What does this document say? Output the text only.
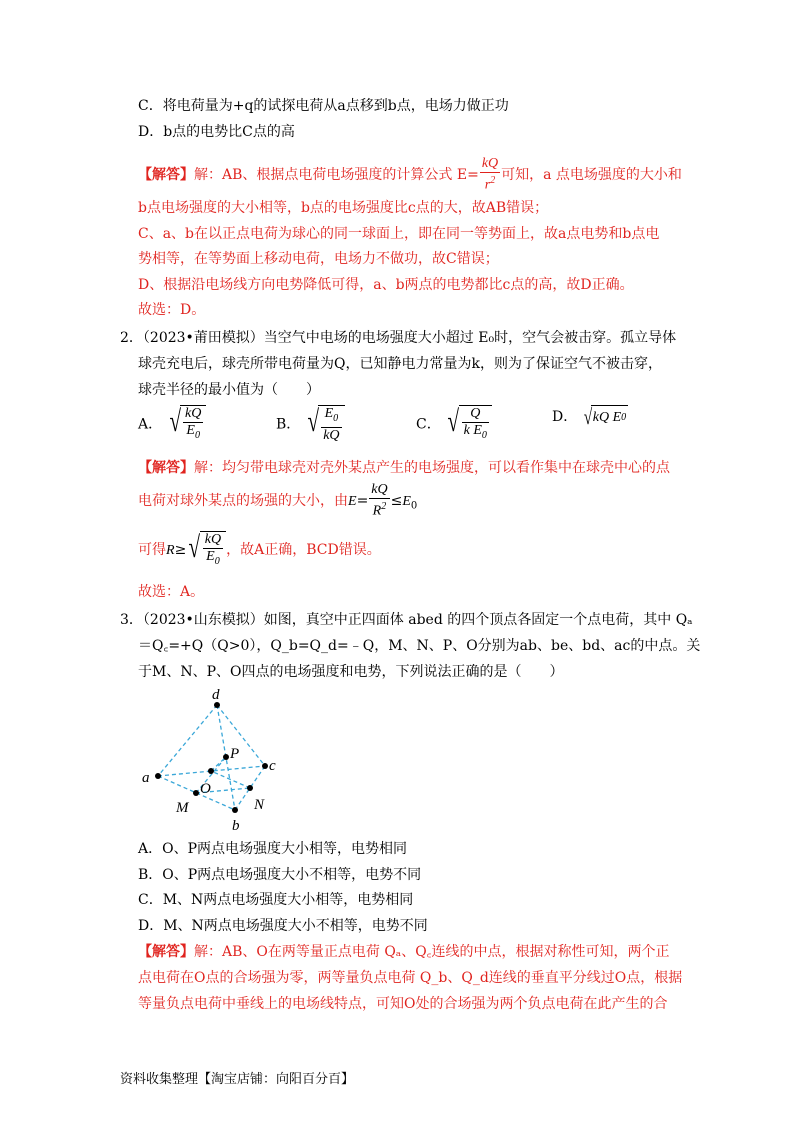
C．将电荷量为+q的试探电荷从a点移到b点，电场力做正功
D．b点的电势比C点的高
【解答】解：AB、根据点电荷电场强度的计算公式 $E= \frac{kQ}{r^2}$ 可知，a 点电场强度的大小和
b点电场强度的大小相等，b点的电场强度比c点的大，故AB错误；
C、a、b在以正点电荷为球心的同一球面上，即在同一等势面上，故a点电势和b点电
势相等，在等势面上移动电荷，电场力不做功，故C错误；
D、根据沿电场线方向电势降低可得，a、b两点的电势都比c点的高，故D正确。
故选：D。
2．（2023•莆田模拟）当空气中电场的电场强度大小超过 E₀时，空气会被击穿。孤立导体
球壳充电后，球壳所带电荷量为Q，已知静电力常量为k，则为了保证空气不被击穿，
球壳半径的最小值为（　　）
A． √ $\frac{kQ}{E_0}$	B． √ $\frac{E_0}{kQ}$	C． √ $\frac{Q}{k E_0}$	D． √ kQ E 0
【解答】解：均匀带电球壳对壳外某点产生的电场强度，可以看作集中在球壳中心的点
电荷对球外某点的场强的大小，由$E= \frac{kQ}{R^2} \le E_0$
可得R≥ √ $\frac{kQ}{E_0}$ ，故A正确，BCD错误。
故选：A。
3．（2023•山东模拟）如图，真空中正四面体 abed 的四个顶点各固定一个点电荷，其中 Qₐ
＝Q꜀=+Q（Q>0），Q_b=Q_d=﹣Q，M、N、P、O分别为ab、be、bd、ac的中点。关
于M、N、P、O四点的电场强度和电势，下列说法正确的是（　　）
d
a
b
c
P
O
M	N
A．O、P两点电场强度大小相等，电势相同
B．O、P两点电场强度大小不相等，电势不同
C．M、N两点电场强度大小相等，电势相同
D．M、N两点电场强度大小不相等，电势不同
【解答】解：AB、O在两等量正点电荷 Qₐ、Q꜀连线的中点，根据对称性可知，两个正
点电荷在O点的合场强为零，两等量负点电荷 Q_b、Q_d连线的垂直平分线过O点，根据
等量负点电荷中垂线上的电场线特点，可知O处的合场强为两个负点电荷在此产生的合
资料收集整理【淘宝店铺：向阳百分百】
